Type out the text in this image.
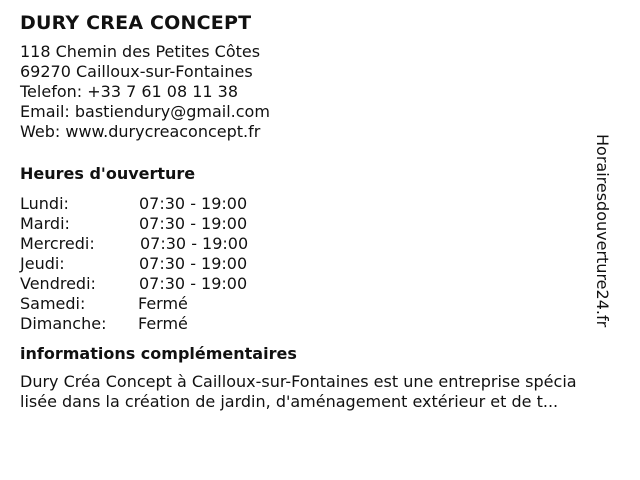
DURY CREA CONCEPT
118 Chemin des Petites Côtes
69270 Cailloux-sur-Fontaines
Telefon: +33 7 61 08 11 38
Email: bastiendury@gmail.com
Web: www.durycreaconcept.fr
Heures d'ouverture
Lundi:	07:30 - 19:00
Mardi:	07:30 - 19:00
Mercredi:	07:30 - 19:00
Jeudi:	07:30 - 19:00
Vendredi:	07:30 - 19:00
Samedi:	Fermé
Dimanche:	Fermé
informations complémentaires
Dury Créa Concept à Cailloux-sur-Fontaines est une entreprise spécia
lisée dans la création de jardin, d'aménagement extérieur et de t...
Horairesdouverture24.fr
